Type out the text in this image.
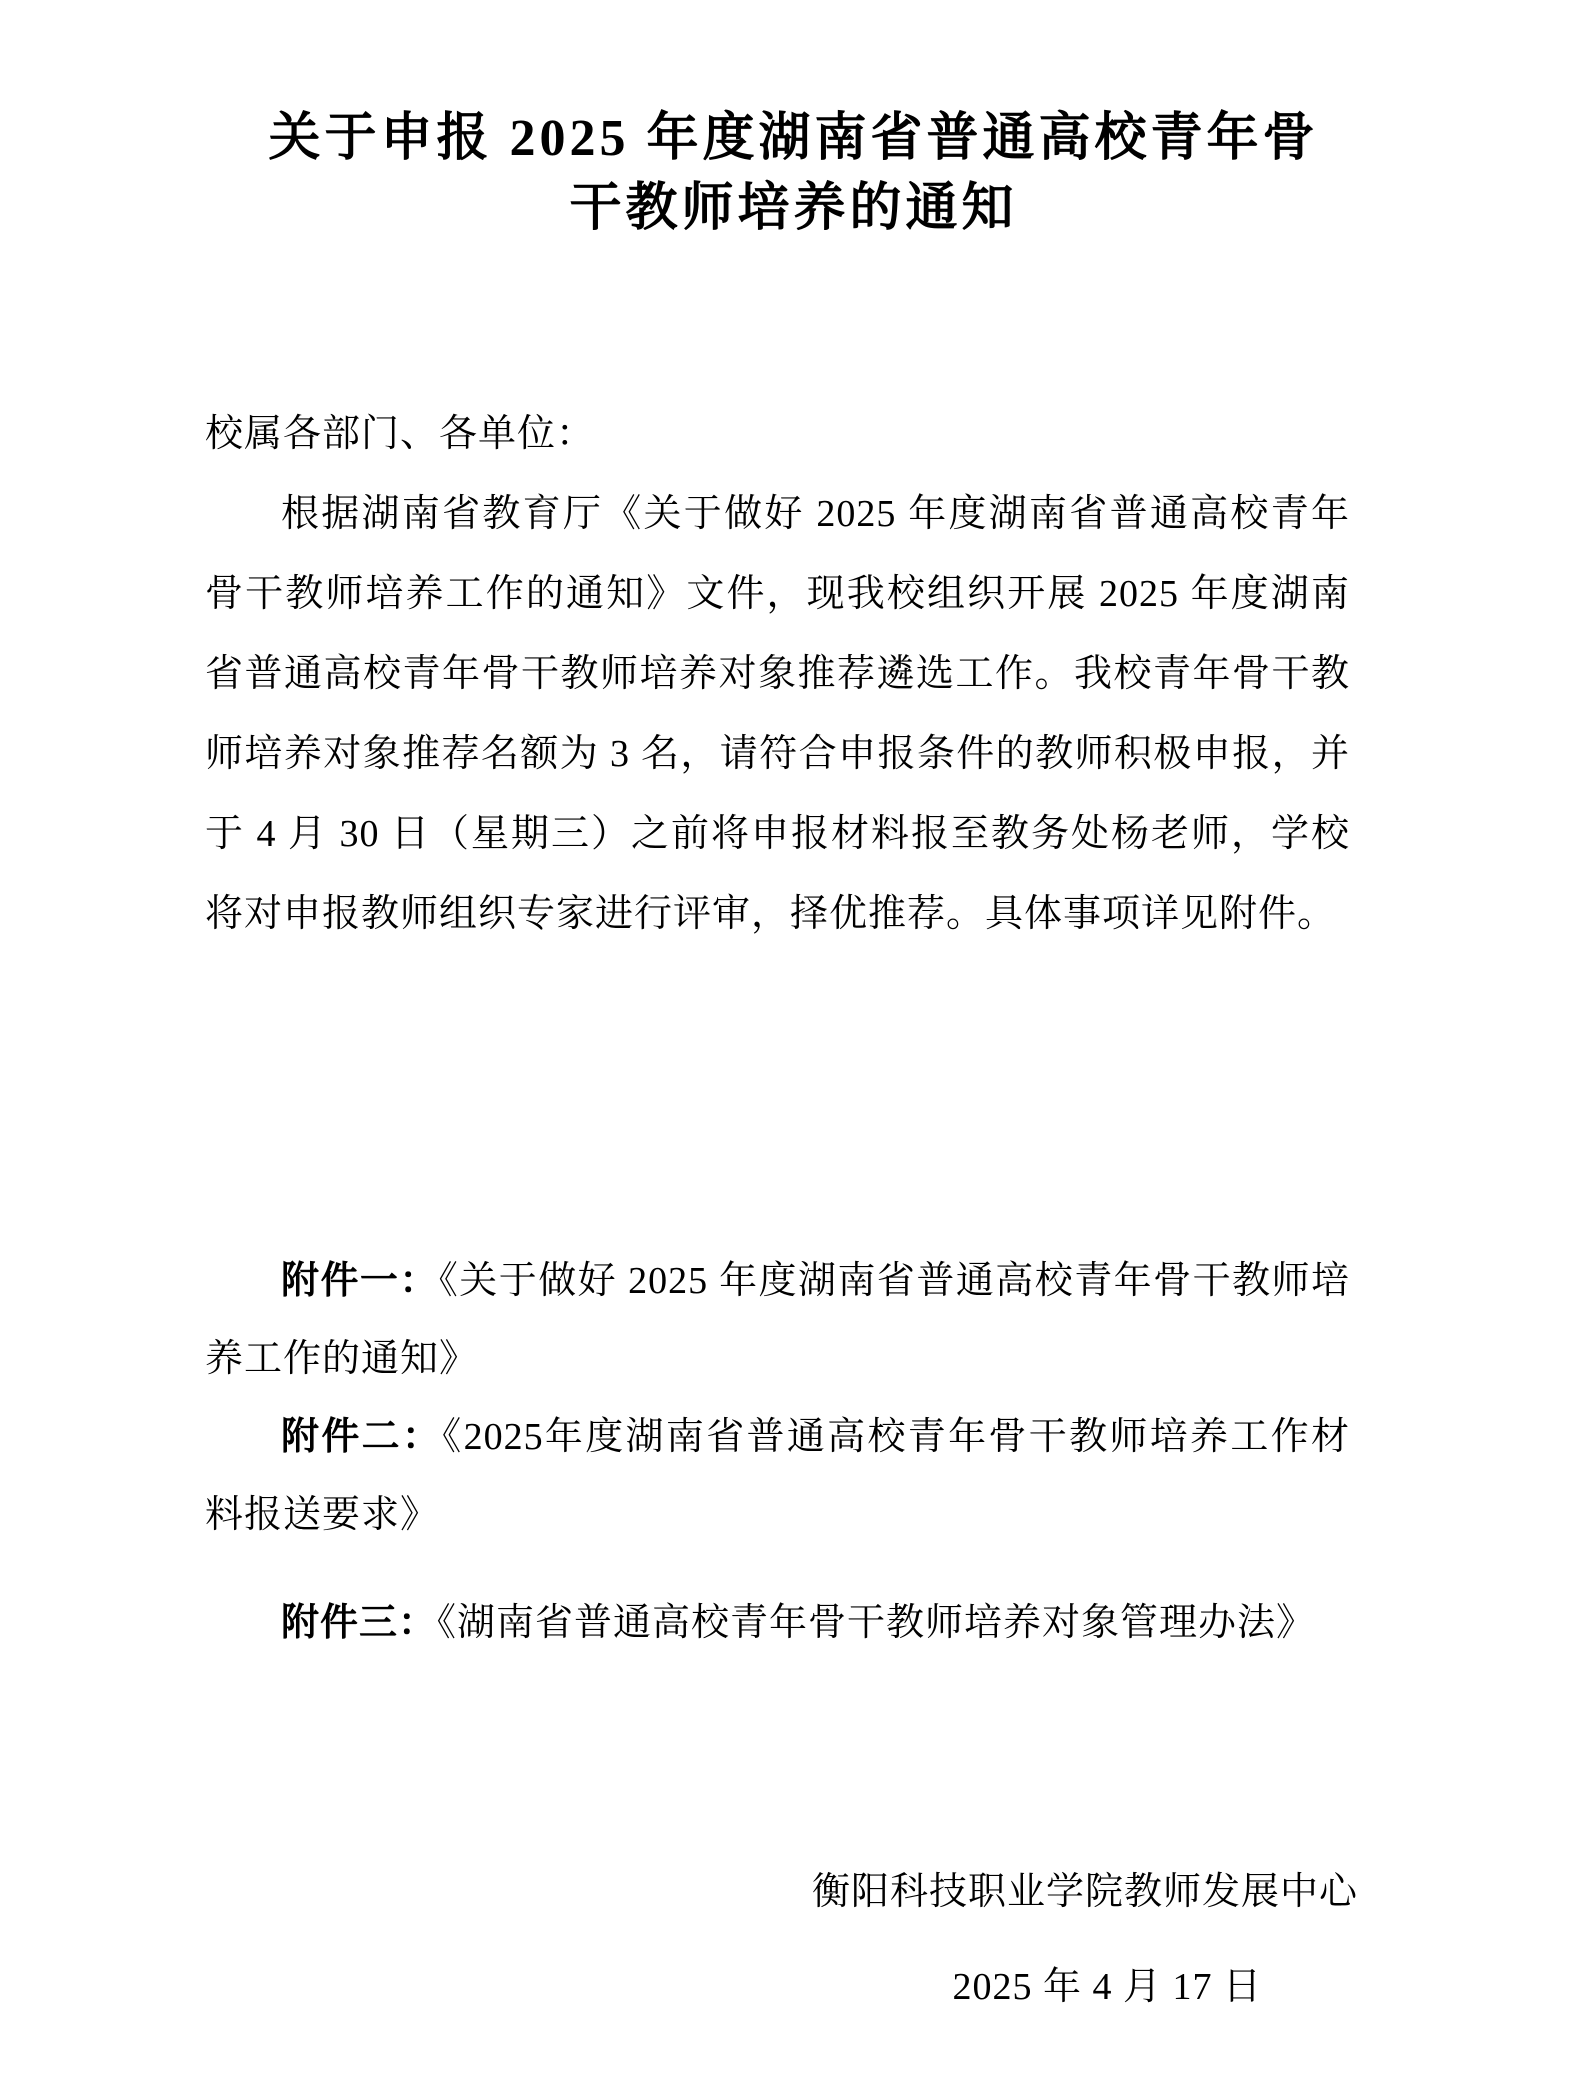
关于申报 2025 年度湖南省普通高校青年骨
干教师培养的通知
校属各部门、各单位：
根据湖南省教育厅《关于做好 2025 年度湖南省普通高校青年骨干教师培养工作的通知》文件，现我校组织开展 2025 年度湖南省普通高校青年骨干教师培养对象推荐遴选工作。我校青年骨干教师培养对象推荐名额为 3 名，请符合申报条件的教师积极申报，并于 4 月 30 日（星期三）之前将申报材料报至教务处杨老师，学校将对申报教师组织专家进行评审，择优推荐。具体事项详见附件。
附件一：《关于做好 2025 年度湖南省普通高校青年骨干教师培养工作的通知》
附件二：《2025年度湖南省普通高校青年骨干教师培养工作材料报送要求》
附件三：《湖南省普通高校青年骨干教师培养对象管理办法》
衡阳科技职业学院教师发展中心
2025 年 4 月 17 日
